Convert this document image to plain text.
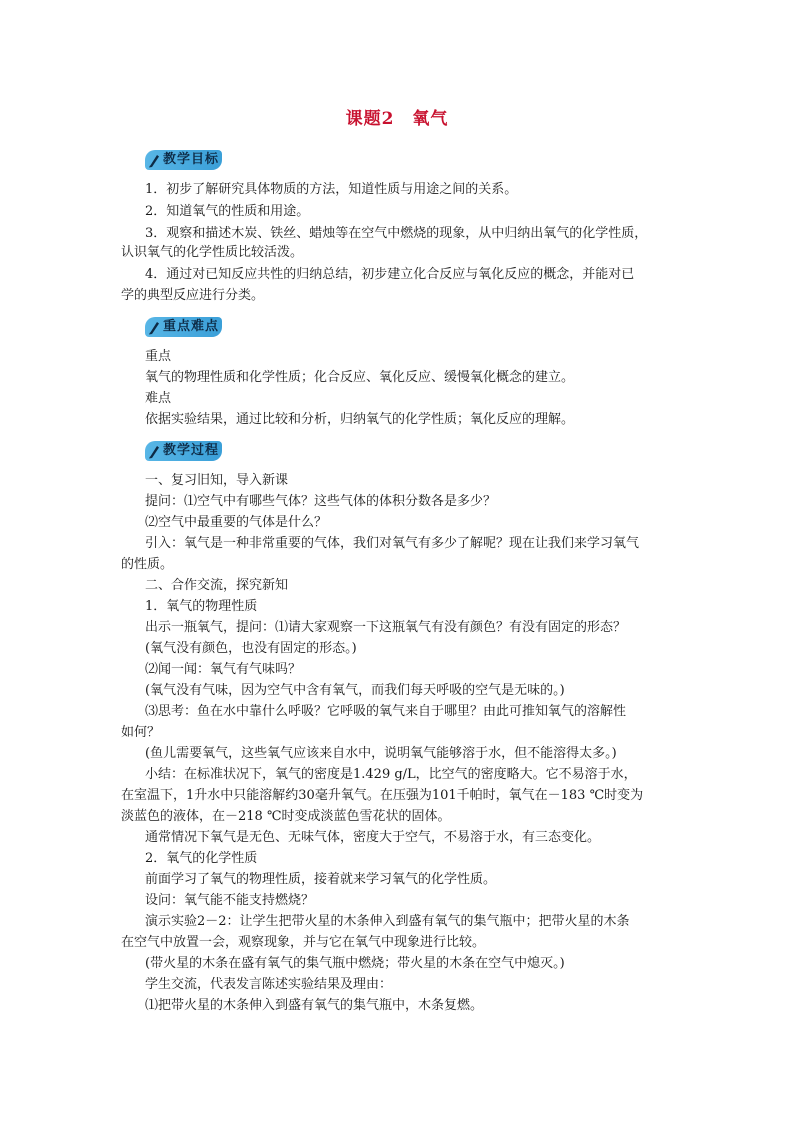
课题2　氧气
教学目标
1．初步了解研究具体物质的方法，知道性质与用途之间的关系。
2．知道氧气的性质和用途。
3．观察和描述木炭、铁丝、蜡烛等在空气中燃烧的现象，从中归纳出氧气的化学性质，
认识氧气的化学性质比较活泼。
4．通过对已知反应共性的归纳总结，初步建立化合反应与氧化反应的概念，并能对已
学的典型反应进行分类。
重点难点
重点
氧气的物理性质和化学性质；化合反应、氧化反应、缓慢氧化概念的建立。
难点
依据实验结果，通过比较和分析，归纳氧气的化学性质；氧化反应的理解。
教学过程
一、复习旧知，导入新课
提问：⑴空气中有哪些气体？这些气体的体积分数各是多少？
⑵空气中最重要的气体是什么？
引入：氧气是一种非常重要的气体，我们对氧气有多少了解呢？现在让我们来学习氧气
的性质。
二、合作交流，探究新知
1．氧气的物理性质
出示一瓶氧气，提问：⑴请大家观察一下这瓶氧气有没有颜色？有没有固定的形态？
(氧气没有颜色，也没有固定的形态。)
⑵闻一闻：氧气有气味吗？
(氧气没有气味，因为空气中含有氧气，而我们每天呼吸的空气是无味的。)
⑶思考：鱼在水中靠什么呼吸？它呼吸的氧气来自于哪里？由此可推知氧气的溶解性
如何？
(鱼儿需要氧气，这些氧气应该来自水中，说明氧气能够溶于水，但不能溶得太多。)
小结：在标准状况下，氧气的密度是1.429 g/L，比空气的密度略大。它不易溶于水，
在室温下，1升水中只能溶解约30毫升氧气。在压强为101千帕时，氧气在－183 ℃时变为
淡蓝色的液体，在－218 ℃时变成淡蓝色雪花状的固体。
通常情况下氧气是无色、无味气体，密度大于空气，不易溶于水，有三态变化。
2．氧气的化学性质
前面学习了氧气的物理性质，接着就来学习氧气的化学性质。
设问：氧气能不能支持燃烧？
演示实验2－2：让学生把带火星的木条伸入到盛有氧气的集气瓶中；把带火星的木条
在空气中放置一会，观察现象，并与它在氧气中现象进行比较。
(带火星的木条在盛有氧气的集气瓶中燃烧；带火星的木条在空气中熄灭。)
学生交流，代表发言陈述实验结果及理由：
⑴把带火星的木条伸入到盛有氧气的集气瓶中，木条复燃。
